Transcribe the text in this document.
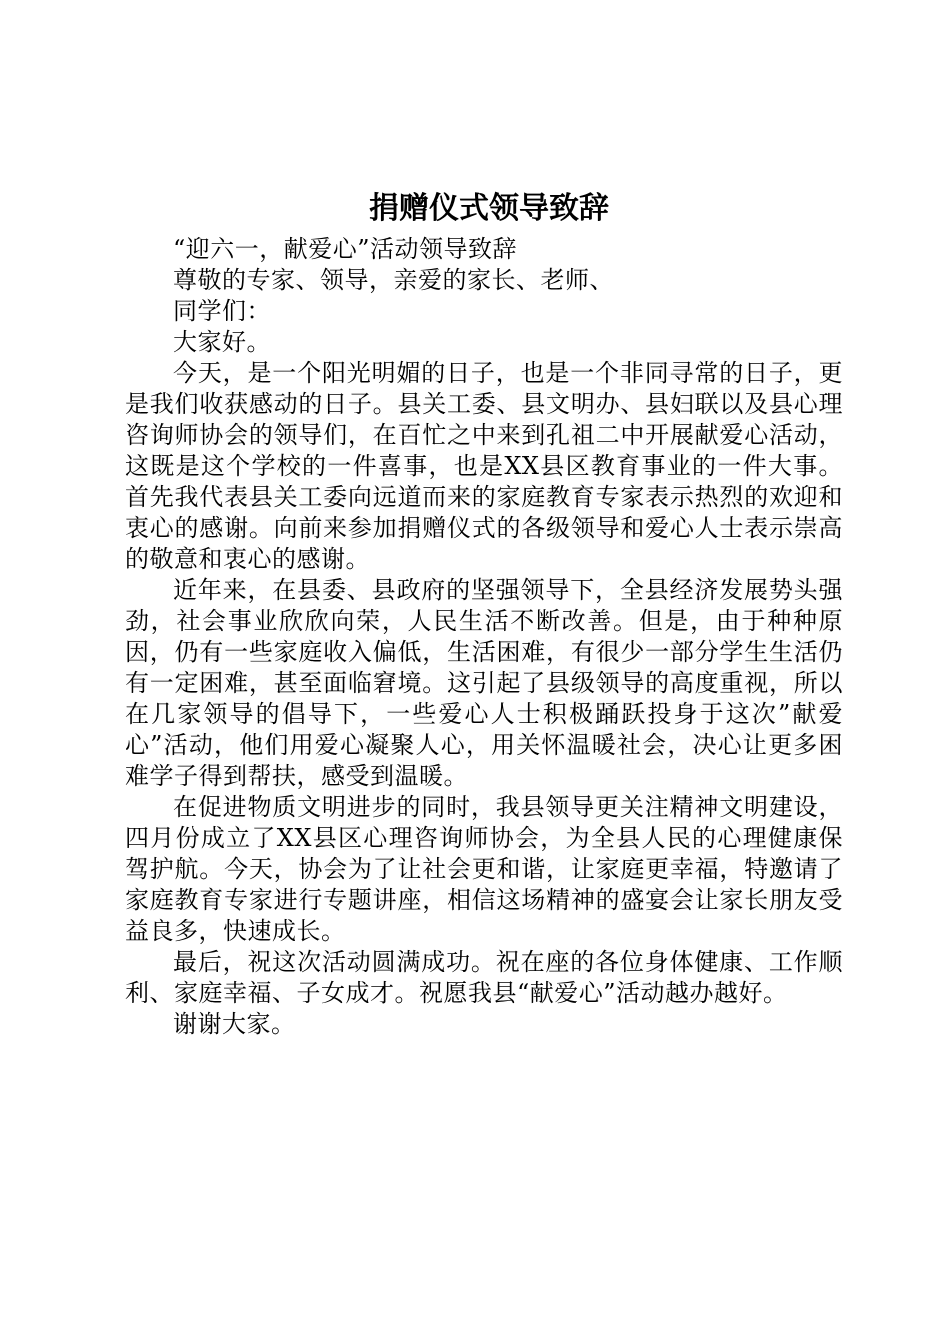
捐赠仪式领导致辞

“迎六一，献爱心”活动领导致辞

尊敬的专家、领导，亲爱的家长、老师、

同学们：

大家好。

今天，是一个阳光明媚的日子，也是一个非同寻常的日子，更是我们收获感动的日子。县关工委、县文明办、县妇联以及县心理咨询师协会的领导们，在百忙之中来到孔祖二中开展献爱心活动，这既是这个学校的一件喜事，也是XX县区教育事业的一件大事。首先我代表县关工委向远道而来的家庭教育专家表示热烈的欢迎和衷心的感谢。向前来参加捐赠仪式的各级领导和爱心人士表示崇高的敬意和衷心的感谢。

近年来，在县委、县政府的坚强领导下，全县经济发展势头强劲，社会事业欣欣向荣，人民生活不断改善。但是，由于种种原因，仍有一些家庭收入偏低，生活困难，有很少一部分学生生活仍有一定困难，甚至面临窘境。这引起了县级领导的高度重视，所以在几家领导的倡导下，一些爱心人士积极踊跃投身于这次”献爱心”活动，他们用爱心凝聚人心，用关怀温暖社会，决心让更多困难学子得到帮扶，感受到温暖。

在促进物质文明进步的同时，我县领导更关注精神文明建设，四月份成立了XX县区心理咨询师协会，为全县人民的心理健康保驾护航。今天，协会为了让社会更和谐，让家庭更幸福，特邀请了家庭教育专家进行专题讲座，相信这场精神的盛宴会让家长朋友受益良多，快速成长。

最后，祝这次活动圆满成功。祝在座的各位身体健康、工作顺利、家庭幸福、子女成才。祝愿我县“献爱心”活动越办越好。

谢谢大家。
